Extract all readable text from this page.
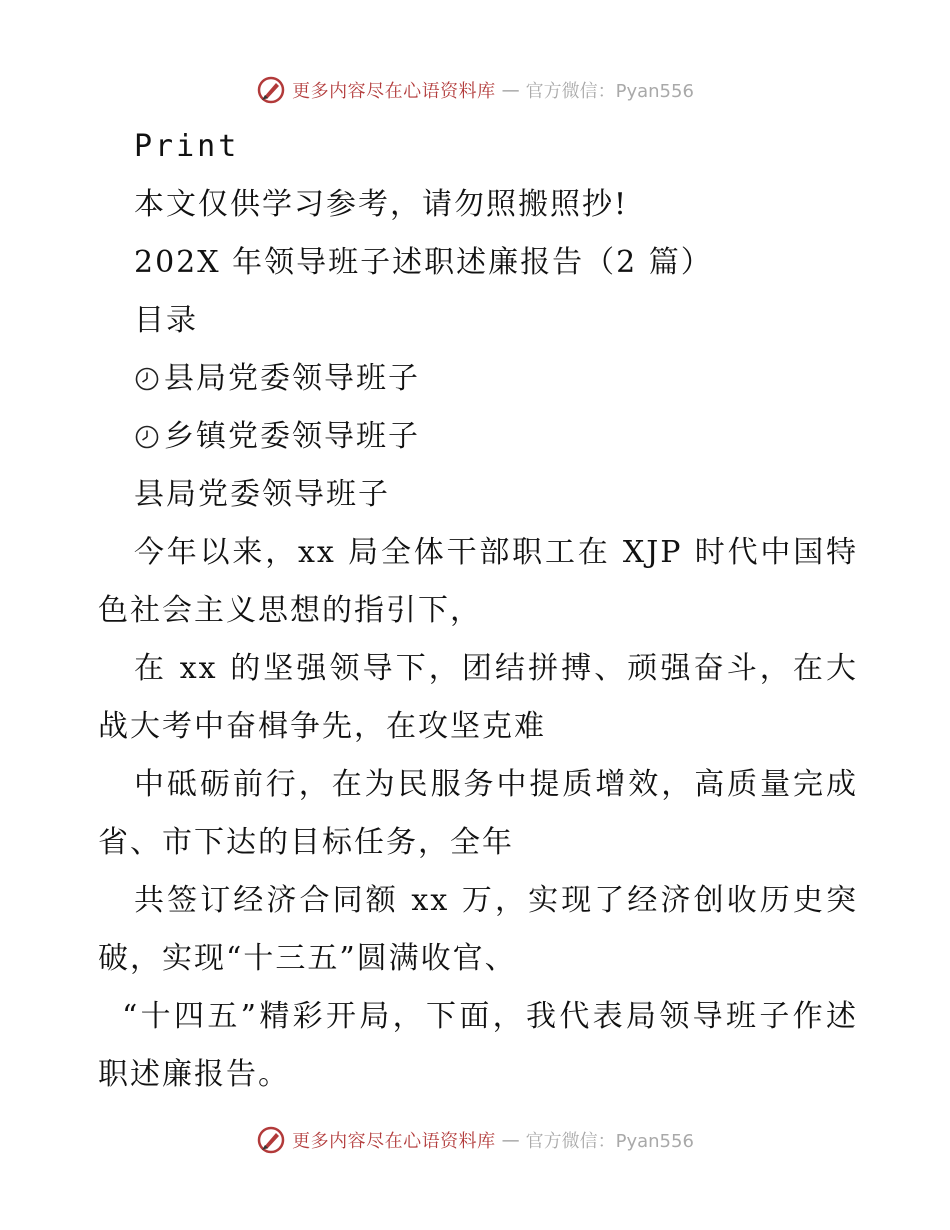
更多内容尽在心语资料库 — 官方微信：Pyan556
Print
本文仅供学习参考，请勿照搬照抄!
202X 年领导班子述职述廉报告（2 篇）
目录
县局党委领导班子
乡镇党委领导班子
县局党委领导班子

今年以来，xx 局全体干部职工在 XJP 时代中国特色社会主义思想的指引下，

在 xx 的坚强领导下，团结拼搏、顽强奋斗，在大战大考中奋楫争先，在攻坚克难

中砥砺前行，在为民服务中提质增效，高质量完成省、市下达的目标任务，全年

共签订经济合同额 xx 万，实现了经济创收历史突破，实现“十三五”圆满收官、

“十四五”精彩开局，下面，我代表局领导班子作述职述廉报告。

更多内容尽在心语资料库 — 官方微信：Pyan556
